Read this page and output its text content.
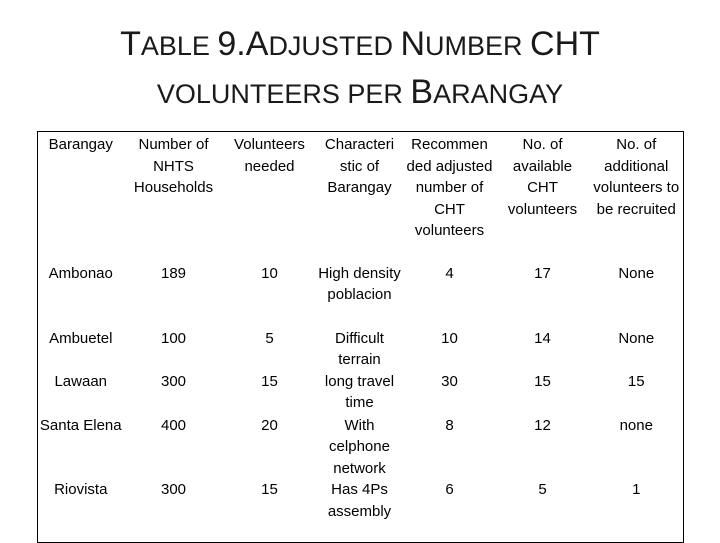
TABLE 9.ADJUSTED NUMBER CHT
VOLUNTEERS PER BARANGAY
Barangay	Number of NHTS Households	Volunteers needed	Characteri stic of Barangay	Recommen ded adjusted number of CHT volunteers	No. of available CHT volunteers	No. of additional volunteers to be recruited
Ambonao	189	10	High density poblacion	4	17	None
Ambuetel	100	5	Difficult terrain	10	14	None
Lawaan	300	15	long travel time	30	15	15
Santa Elena	400	20	With celphone network	8	12	none
Riovista	300	15	Has 4Ps assembly	6	5	1
